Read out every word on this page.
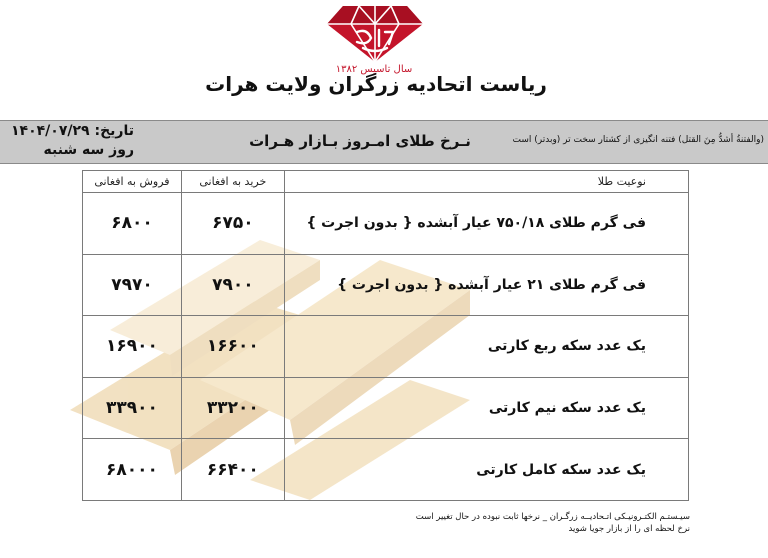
سال تاسیس ۱۳۸۲
ریاست اتحادیه زرگران ولایت هرات
تاریخ: ۱۴۰۴/۰۷/۲۹
روز سه شنبه	نـرخ طلای امـروز بـازار هـرات	(والفتنةُ أشدُّ مِنَ القتل) فتنه انگیزی از کشتار سخت تر (وبدتر) است
نوعیت طلا	خرید به افغانی	فروش به افغانی
فی گرم طلای ۷۵۰/۱۸ عیار آبشده { بدون اجرت }	۶۷۵۰	۶۸۰۰
فی گرم طلای ۲۱ عیار آبشده { بدون اجرت }	۷۹۰۰	۷۹۷۰
یک عدد سکه ربع کارتی	۱۶۶۰۰	۱۶۹۰۰
یک عدد سکه نیم کارتی	۳۳۲۰۰	۳۳۹۰۰
یک عدد سکه کامل کارتی	۶۶۴۰۰	۶۸۰۰۰
سیـستـم الکتـرونیـکی اتـحادیــه زرگـران _ نرخها ثابت نبوده در حال تغییر است
نرخ لحظه ای را از بازار جویا شوید
